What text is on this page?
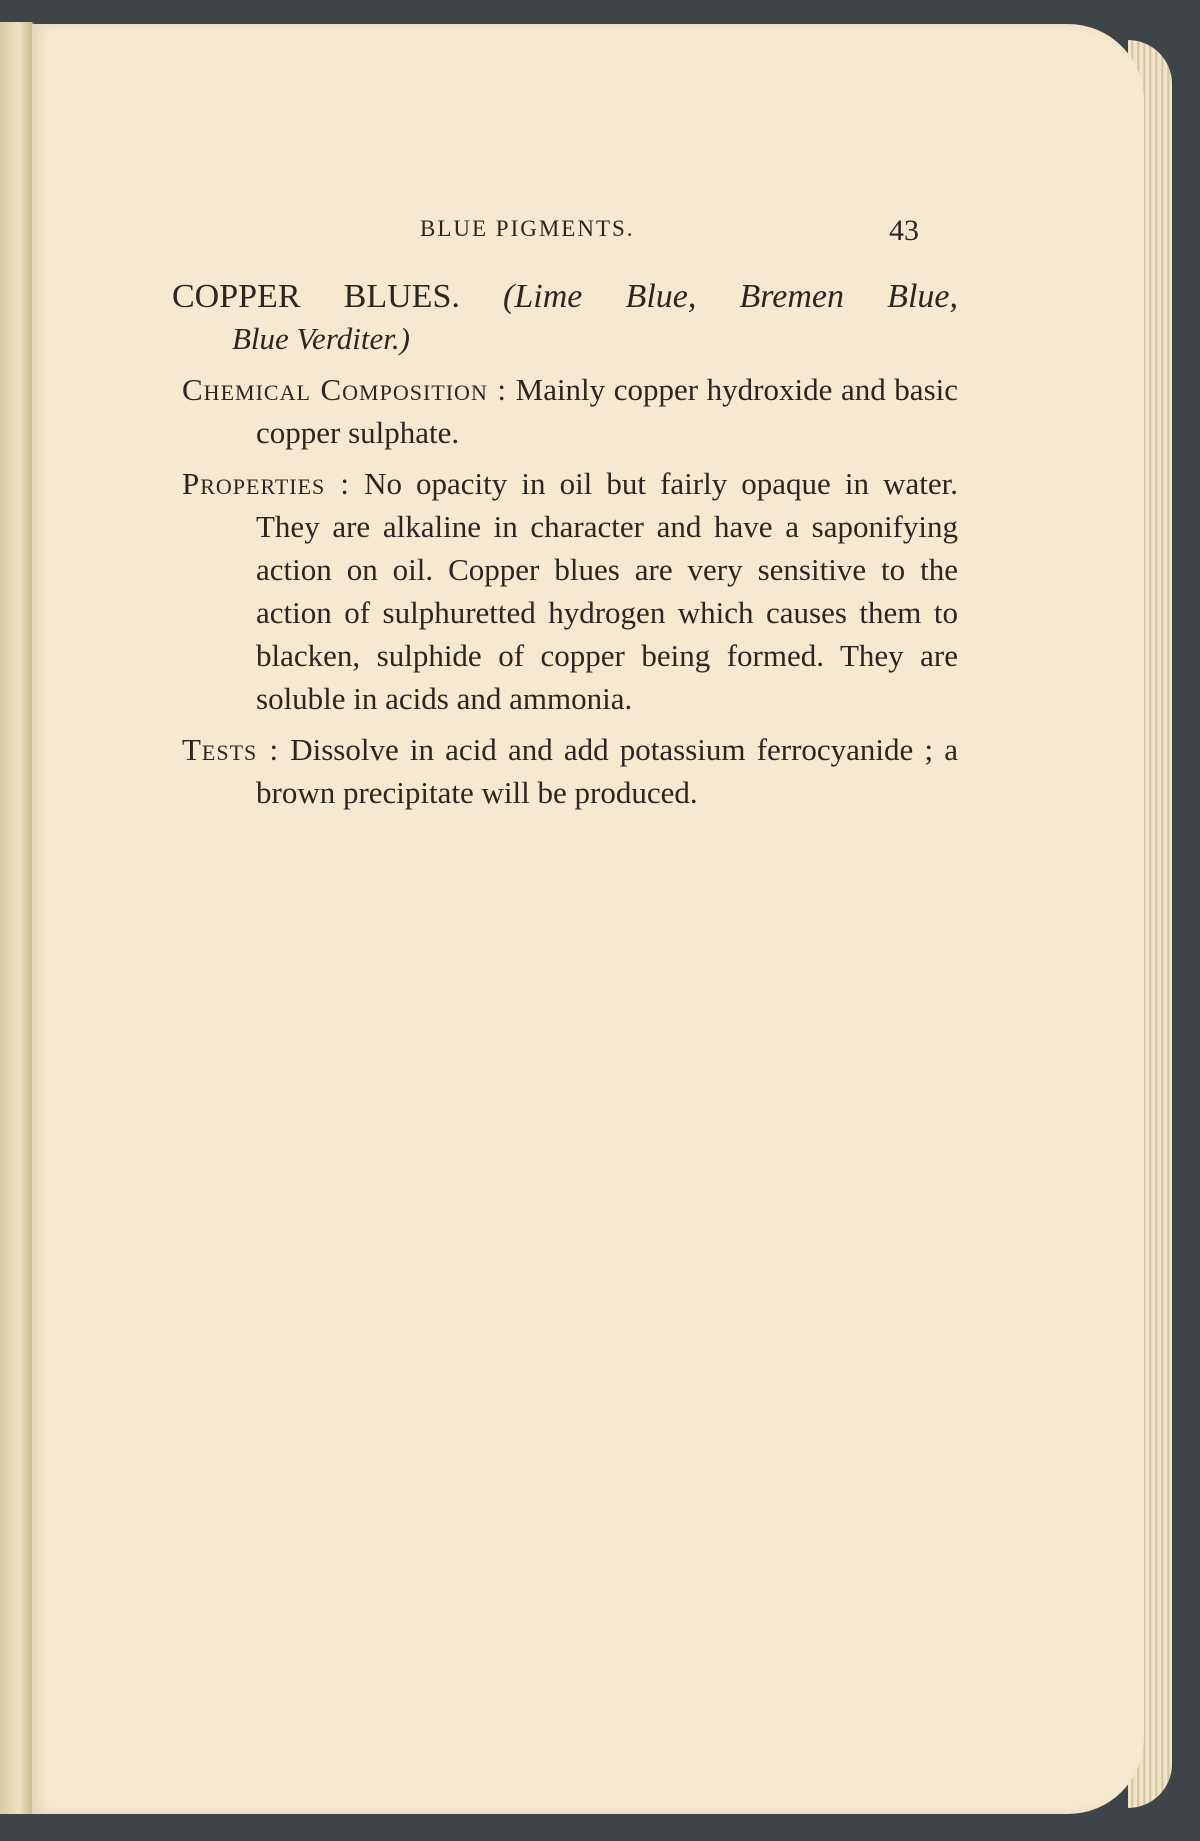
BLUE PIGMENTS.	43
COPPER BLUES. (Lime Blue, Bremen Blue,

Blue Verditer.)

Chemical Composition : Mainly copper hydroxide and basic copper sulphate.

Properties : No opacity in oil but fairly opaque in water. They are alkaline in character and have a saponifying action on oil. Copper blues are very sensitive to the action of sulphuretted hydrogen which causes them to blacken, sulphide of copper being formed. They are soluble in acids and ammonia.

Tests : Dissolve in acid and add potassium ferrocyanide ; a brown precipitate will be produced.
